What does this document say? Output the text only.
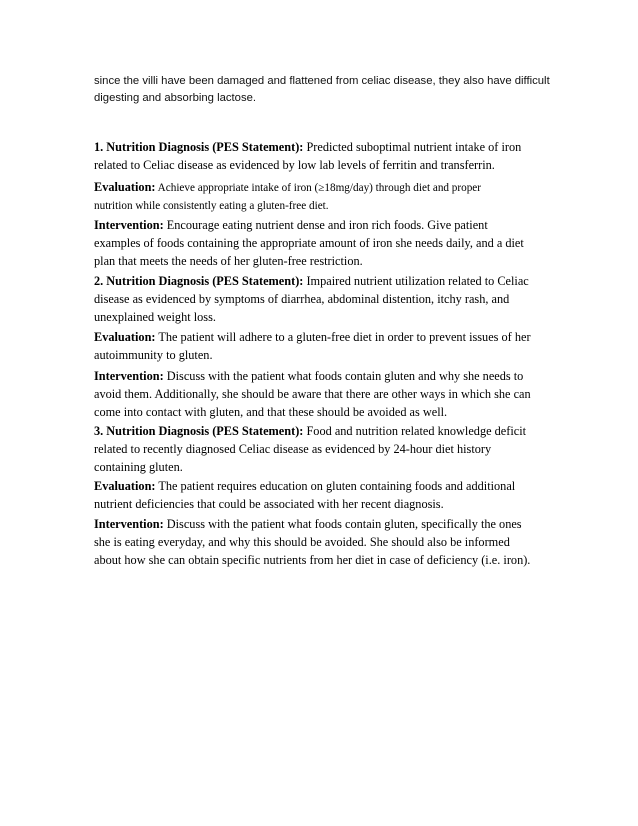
since the villi have been damaged and flattened from celiac disease, they also have difficult
digesting and absorbing lactose.
1. Nutrition Diagnosis (PES Statement): Predicted suboptimal nutrient intake of iron
related to Celiac disease as evidenced by low lab levels of ferritin and transferrin.
Evaluation: Achieve appropriate intake of iron (≥18mg/day) through diet and proper
nutrition while consistently eating a gluten-free diet.
Intervention: Encourage eating nutrient dense and iron rich foods. Give patient
examples of foods containing the appropriate amount of iron she needs daily, and a diet
plan that meets the needs of her gluten-free restriction.
2. Nutrition Diagnosis (PES Statement): Impaired nutrient utilization related to Celiac
disease as evidenced by symptoms of diarrhea, abdominal distention, itchy rash, and
unexplained weight loss.
Evaluation: The patient will adhere to a gluten-free diet in order to prevent issues of her
autoimmunity to gluten.
Intervention: Discuss with the patient what foods contain gluten and why she needs to
avoid them. Additionally, she should be aware that there are other ways in which she can
come into contact with gluten, and that these should be avoided as well.
3. Nutrition Diagnosis (PES Statement): Food and nutrition related knowledge deficit
related to recently diagnosed Celiac disease as evidenced by 24-hour diet history
containing gluten.
Evaluation: The patient requires education on gluten containing foods and additional
nutrient deficiencies that could be associated with her recent diagnosis.
Intervention: Discuss with the patient what foods contain gluten, specifically the ones
she is eating everyday, and why this should be avoided. She should also be informed
about how she can obtain specific nutrients from her diet in case of deficiency (i.e. iron).
